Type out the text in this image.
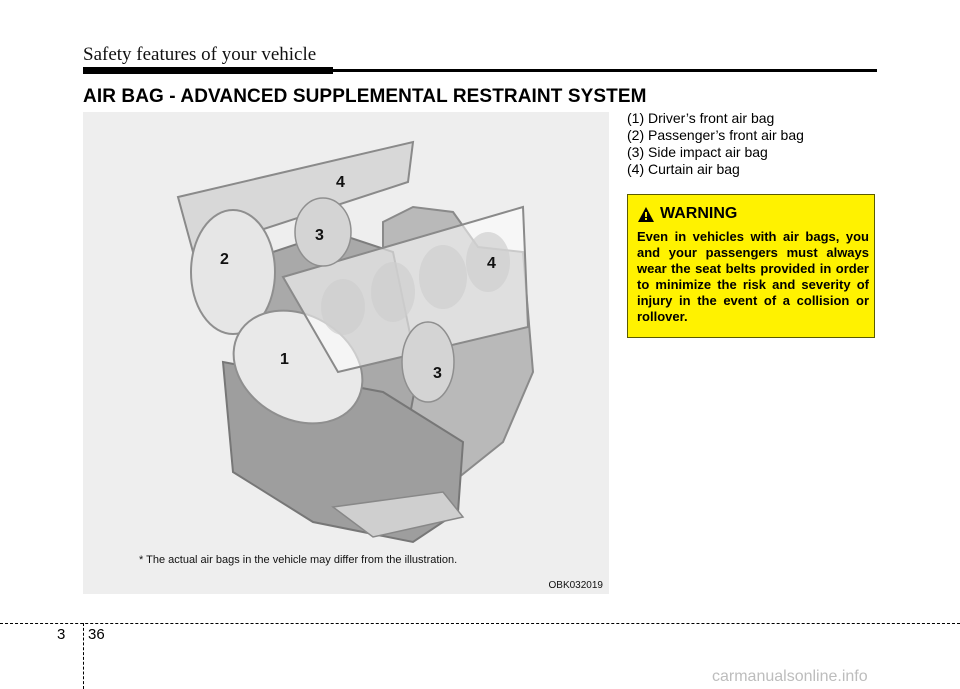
Safety features of your vehicle
AIR BAG - ADVANCED SUPPLEMENTAL RESTRAINT SYSTEM
1
2
3
3
4
4
* The actual air bags in the vehicle may differ from the illustration.
OBK032019
(1) Driver’s front air bag
(2) Passenger’s front air bag
(3) Side impact air bag
(4) Curtain air bag
WARNING
Even in vehicles with air bags, you and your passengers must always wear the seat belts provided in order to minimize the risk and severity of injury in the event of a collision or rollover.
3 36
carmanualsonline.info
